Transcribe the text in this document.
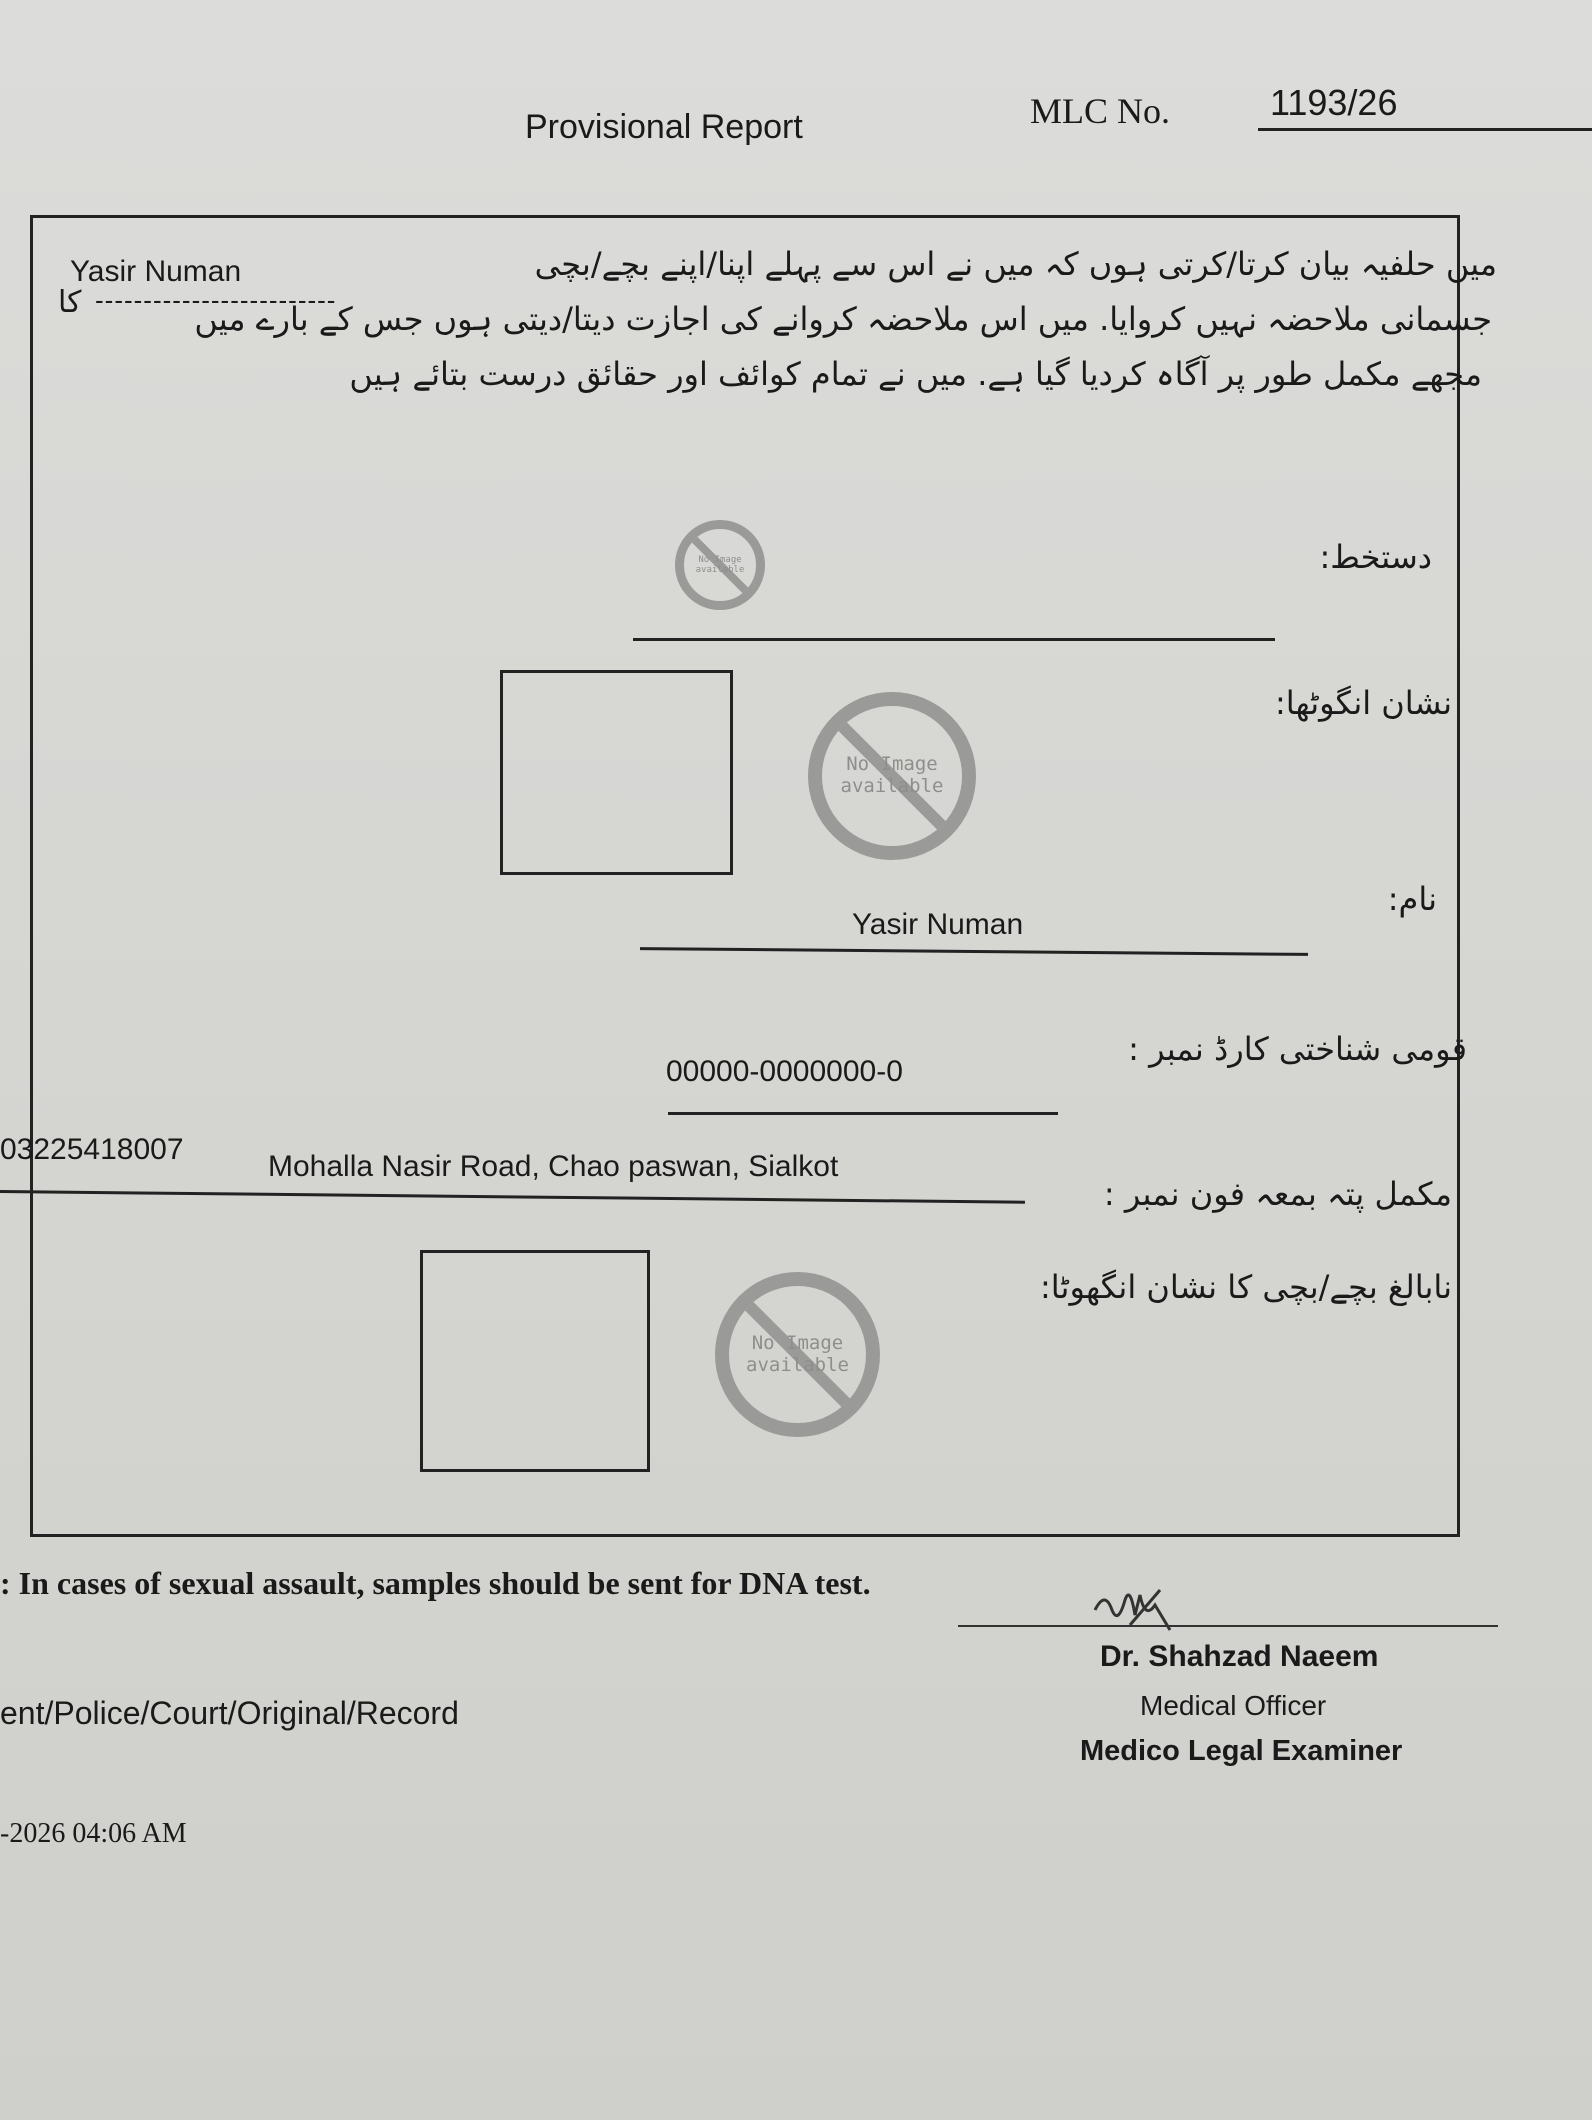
Provisional Report	MLC No.	1193/26
Yasir Numan
کا -------------------------
میں حلفیہ بیان کرتا/کرتی ہوں کہ میں نے اس سے پہلے اپنا/اپنے بچے/بچی
جسمانی ملاحضہ نہیں کروایا. میں اس ملاحضہ کروانے کی اجازت دیتا/دیتی ہوں جس کے بارے میں
مجھے مکمل طور پر آگاہ کردیا گیا ہے. میں نے تمام کوائف اور حقائق درست بتائے ہیں
دستخط:
No Image
available
نشان انگوٹھا:
No Image
available
نام:
Yasir Numan
قومی شناختی کارڈ نمبر :
00000-0000000-0
03225418007
Mohalla Nasir Road, Chao paswan, Sialkot
مکمل پتہ بمعہ فون نمبر :
نابالغ بچے/بچی کا نشان انگھوٹا:
No Image
available
: In cases of sexual assault, samples should be sent for DNA test.
ent/Police/Court/Original/Record
-2026 04:06 AM
Dr. Shahzad Naeem
Medical Officer
Medico Legal Examiner
